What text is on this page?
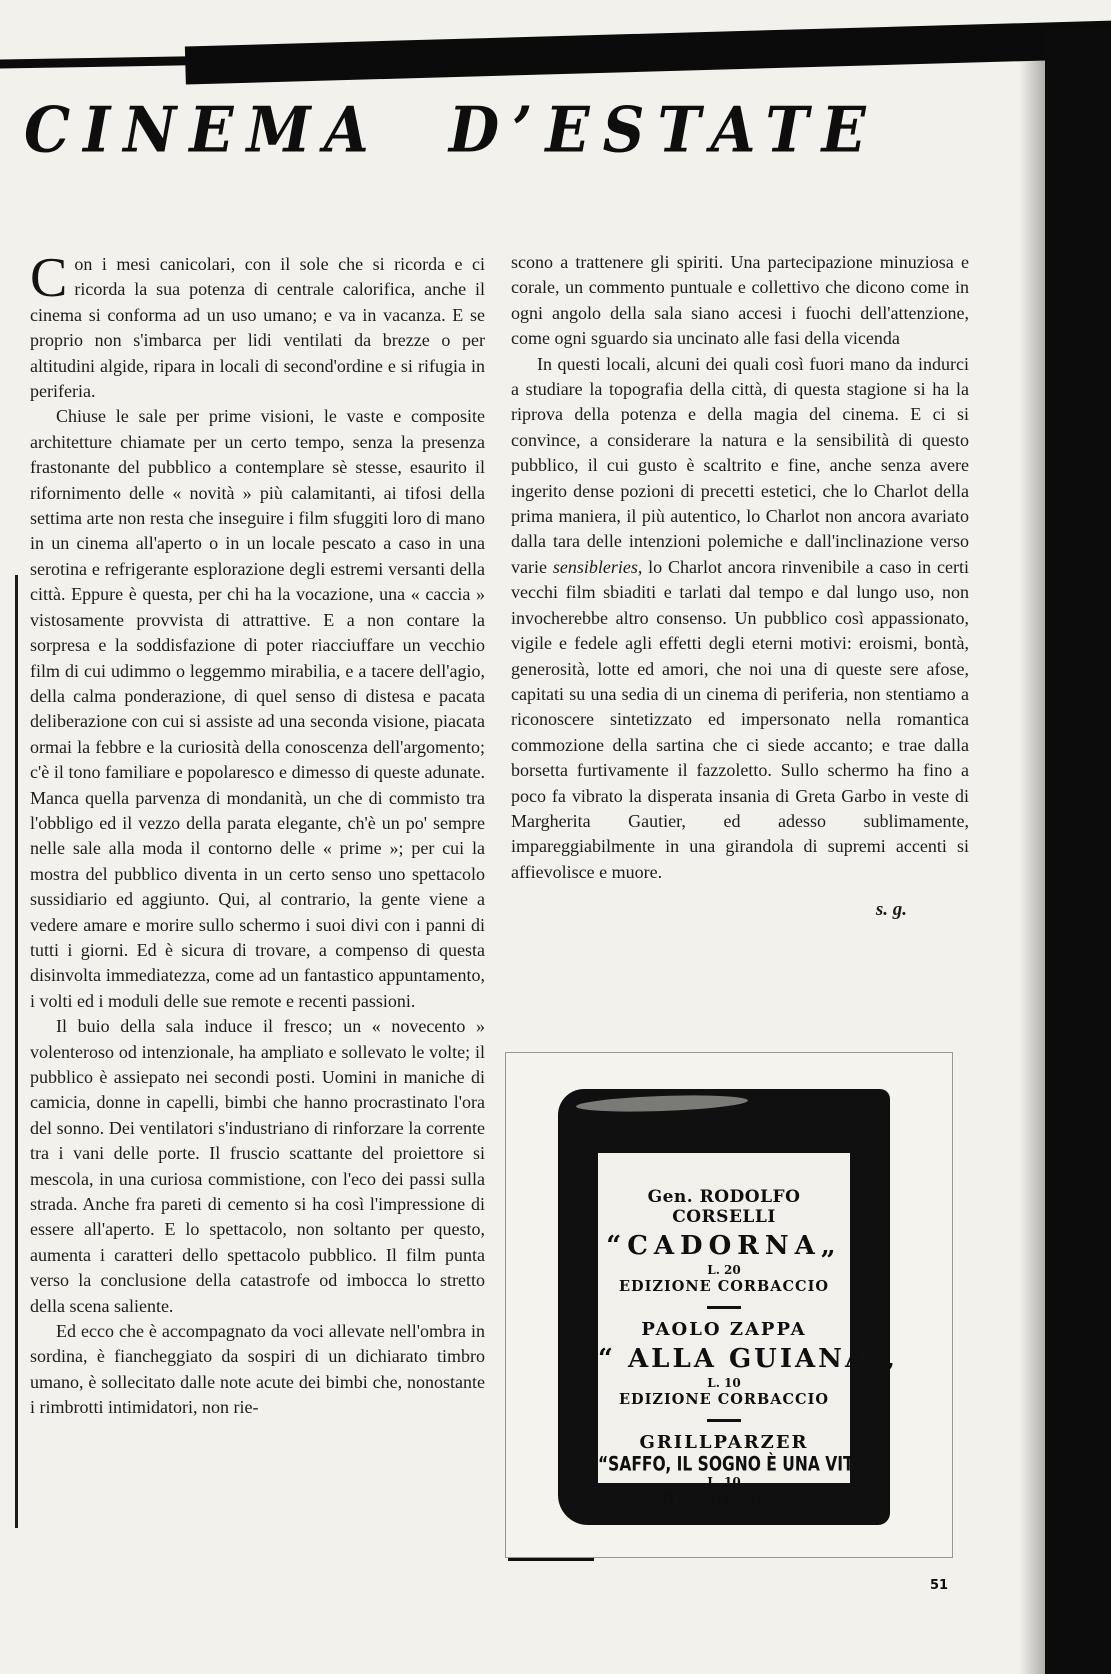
CINEMA D’ESTATE

Con i mesi canicolari, con il sole che si ricorda e ci ricorda la sua potenza di centrale calorifica, anche il cinema si conforma ad un uso umano; e va in vacanza. E se proprio non s'imbarca per lidi ventilati da brezze o per altitudini algide, ripara in locali di second'ordine e si rifugia in periferia.

Chiuse le sale per prime visioni, le vaste e composite architetture chiamate per un certo tempo, senza la presenza frastonante del pubblico a contemplare sè stesse, esaurito il rifornimento delle « novità » più calamitanti, ai tifosi della settima arte non resta che inseguire i film sfuggiti loro di mano in un cinema all'aperto o in un locale pescato a caso in una serotina e refrigerante esplorazione degli estremi versanti della città. Eppure è questa, per chi ha la vocazione, una « caccia » vistosamente provvista di attrattive. E a non contare la sorpresa e la soddisfazione di poter riacciuffare un vecchio film di cui udimmo o leggemmo mirabilia, e a tacere dell'agio, della calma ponderazione, di quel senso di distesa e pacata deliberazione con cui si assiste ad una seconda visione, piacata ormai la febbre e la curiosità della conoscenza dell'argomento; c'è il tono familiare e popolaresco e dimesso di queste adunate. Manca quella parvenza di mondanità, un che di commisto tra l'obbligo ed il vezzo della parata elegante, ch'è un po' sempre nelle sale alla moda il contorno delle « prime »; per cui la mostra del pubblico diventa in un certo senso uno spettacolo sussidiario ed aggiunto. Qui, al contrario, la gente viene a vedere amare e morire sullo schermo i suoi divi con i panni di tutti i giorni. Ed è sicura di trovare, a compenso di questa disinvolta immediatezza, come ad un fantastico appuntamento, i volti ed i moduli delle sue remote e recenti passioni.

Il buio della sala induce il fresco; un « novecento » volenteroso od intenzionale, ha ampliato e sollevato le volte; il pubblico è assiepato nei secondi posti. Uomini in maniche di camicia, donne in capelli, bimbi che hanno procrastinato l'ora del sonno. Dei ventilatori s'industriano di rinforzare la corrente tra i vani delle porte. Il fruscio scattante del proiettore si mescola, in una curiosa commistione, con l'eco dei passi sulla strada. Anche fra pareti di cemento si ha così l'impressione di essere all'aperto. E lo spettacolo, non soltanto per questo, aumenta i caratteri dello spettacolo pubblico. Il film punta verso la conclusione della catastrofe od imbocca lo stretto della scena saliente.

Ed ecco che è accompagnato da voci allevate nell'ombra in sordina, è fiancheggiato da sospiri di un dichiarato timbro umano, è sollecitato dalle note acute dei bimbi che, nonostante i rimbrotti intimidatori, non rie-

scono a trattenere gli spiriti. Una partecipazione minuziosa e corale, un commento puntuale e collettivo che dicono come in ogni angolo della sala siano accesi i fuochi dell'attenzione, come ogni sguardo sia uncinato alle fasi della vicenda

In questi locali, alcuni dei quali così fuori mano da indurci a studiare la topografia della città, di questa stagione si ha la riprova della potenza e della magia del cinema. E ci si convince, a considerare la natura e la sensibilità di questo pubblico, il cui gusto è scaltrito e fine, anche senza avere ingerito dense pozioni di precetti estetici, che lo Charlot della prima maniera, il più autentico, lo Charlot non ancora avariato dalla tara delle intenzioni polemiche e dall'inclinazione verso varie sensibleries, lo Charlot ancora rinvenibile a caso in certi vecchi film sbiaditi e tarlati dal tempo e dal lungo uso, non invocherebbe altro consenso. Un pubblico così appassionato, vigile e fedele agli effetti degli eterni motivi: eroismi, bontà, generosità, lotte ed amori, che noi una di queste sere afose, capitati su una sedia di un cinema di periferia, non stentiamo a riconoscere sintetizzato ed impersonato nella romantica commozione della sartina che ci siede accanto; e trae dalla borsetta furtivamente il fazzoletto. Sullo schermo ha fino a poco fa vibrato la disperata insania di Greta Garbo in veste di Margherita Gautier, ed adesso sublimamente, impareggiabilmente in una girandola di supremi accenti si affievolisce e muore.

s. g.
Gen. RODOLFO CORSELLI
“CADORNA„
L. 20
EDIZIONE CORBACCIO
PAOLO ZAPPA
“ ALLA GUIANA „
L. 10
EDIZIONE CORBACCIO
GRILLPARZER
“SAFFO, IL SOGNO È UNA VITA„
L. 10
EDIZIONE UTET
51
